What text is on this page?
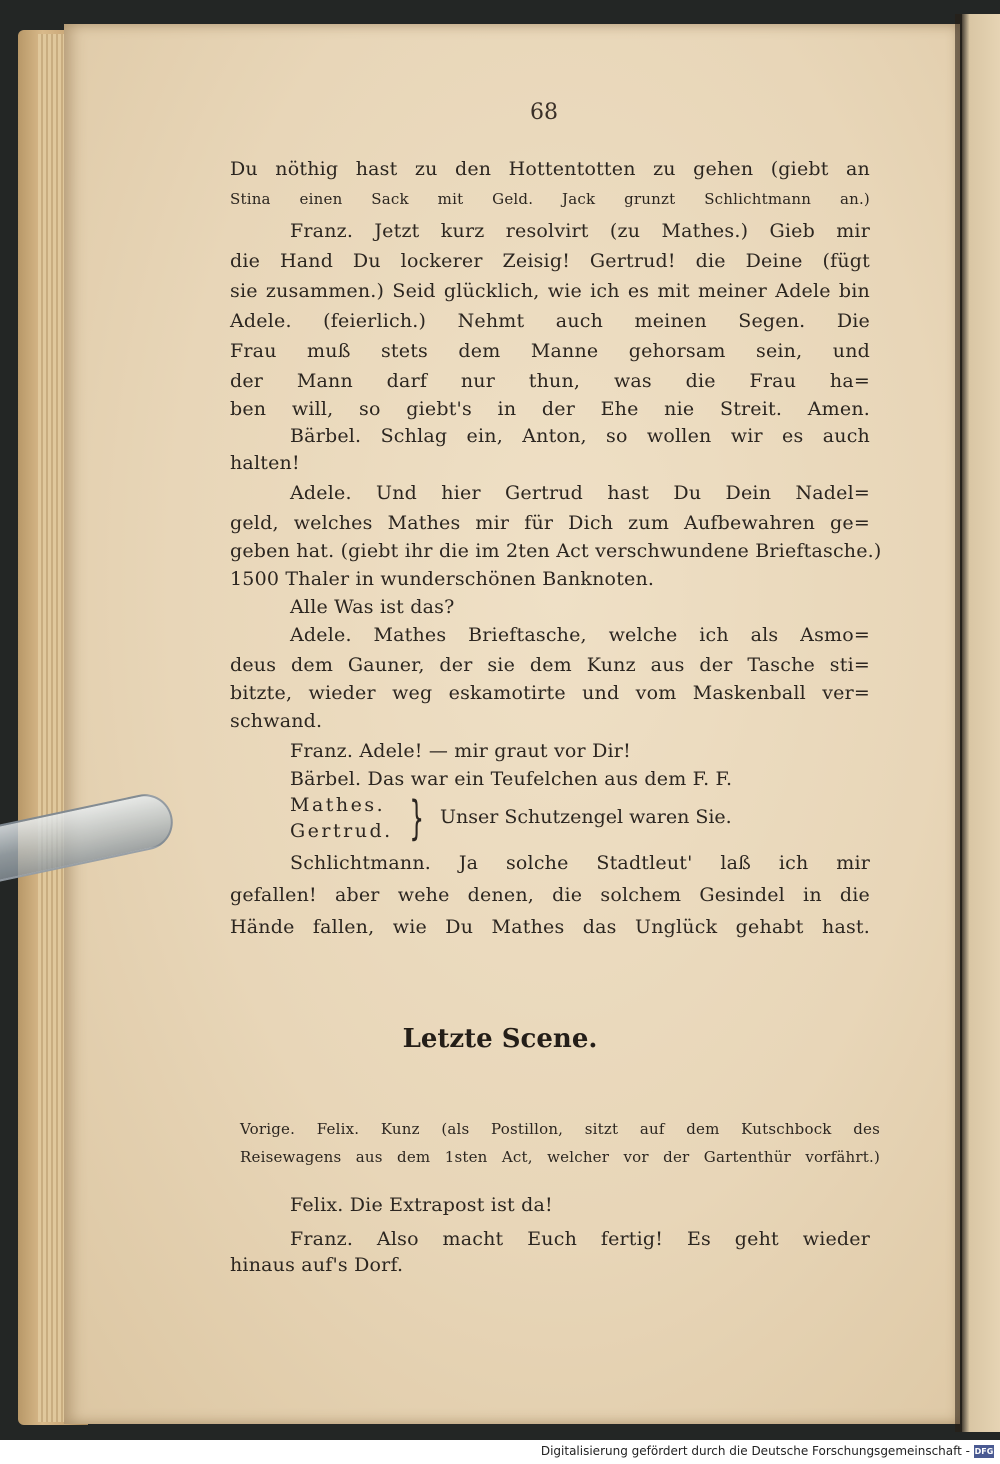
68
Du nöthig hast zu den Hottentotten zu gehen (giebt an
Stina einen Sack mit Geld. Jack grunzt Schlichtmann an.)
Franz. Jetzt kurz resolvirt (zu Mathes.) Gieb mir
die Hand Du lockerer Zeisig! Gertrud! die Deine (fügt
sie zusammen.) Seid glücklich, wie ich es mit meiner Adele bin
Adele. (feierlich.) Nehmt auch meinen Segen. Die
Frau muß stets dem Manne gehorsam sein, und
der Mann darf nur thun, was die Frau ha=
ben will, so giebt's in der Ehe nie Streit. Amen.
Bärbel. Schlag ein, Anton, so wollen wir es auch
halten!
Adele. Und hier Gertrud hast Du Dein Nadel=
geld, welches Mathes mir für Dich zum Aufbewahren ge=
geben hat. (giebt ihr die im 2ten Act verschwundene Brieftasche.)
1500 Thaler in wunderschönen Banknoten.
Alle Was ist das?
Adele. Mathes Brieftasche, welche ich als Asmo=
deus dem Gauner, der sie dem Kunz aus der Tasche sti=
bitzte, wieder weg eskamotirte und vom Maskenball ver=
schwand.
Franz. Adele! — mir graut vor Dir!
Bärbel. Das war ein Teufelchen aus dem F. F.
Schlichtmann. Ja solche Stadtleut' laß ich mir
gefallen! aber wehe denen, die solchem Gesindel in die
Hände fallen, wie Du Mathes das Unglück gehabt hast.
Vorige. Felix. Kunz (als Postillon, sitzt auf dem Kutschbock des
Reisewagens aus dem 1sten Act, welcher vor der Gartenthür vorfährt.)
Felix. Die Extrapost ist da!
Franz. Also macht Euch fertig! Es geht wieder
hinaus auf's Dorf.
Mathes.
Gertrud. } Unser Schutzengel waren Sie.
Letzte Scene.
Digitalisierung gefördert durch die Deutsche Forschungsgemeinschaft - DFG
